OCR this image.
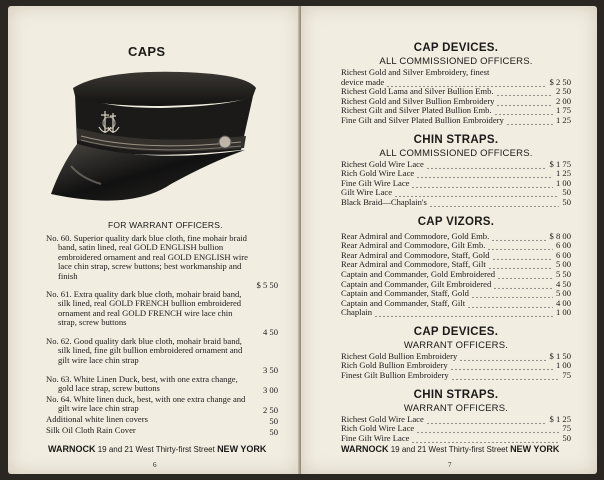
CAPS
FOR WARRANT OFFICERS.
No. 60. Superior quality dark blue cloth, fine mohair braid band, satin lined, real GOLD ENGLISH bullion embroidered ornament and real GOLD ENGLISH wire lace chin strap, screw buttons; best workmanship and finish
$ 5 50
No. 61. Extra quality dark blue cloth, mohair braid band, silk lined, real GOLD FRENCH bullion embroidered ornament and real GOLD FRENCH wire lace chin strap, screw buttons
4 50
No. 62. Good quality dark blue cloth, mohair braid band, silk lined, fine gilt bullion embroidered ornament and gilt wire lace chin strap
3 50
No. 63. White Linen Duck, best, with one extra change, gold lace strap, screw buttons	3 00
No. 64. White linen duck, best, with one extra change and gilt wire lace chin strap	2 50
Additional white linen covers	50
Silk Oil Cloth Rain Cover	50
WARNOCK 19 and 21 West Thirty-first Street NEW YORK
6
CAP DEVICES.
ALL COMMISSIONED OFFICERS.
Richest Gold and Silver Embroidery, finest
device made	$ 2 50
Richest Gold Lama and Silver Bullion Emb.	2 50
Richest Gold and Silver Bullion Embroidery	2 00
Richest Gilt and Silver Plated Bullion Emb.	1 75
Fine Gilt and Silver Plated Bullion Embroidery	1 25
CHIN STRAPS.
ALL COMMISSIONED OFFICERS.
Richest Gold Wire Lace	$ 1 75
Rich Gold Wire Lace	1 25
Fine Gilt Wire Lace	1 00
Gilt Wire Lace	50
Black Braid—Chaplain's	50
CAP VIZORS.
Rear Admiral and Commodore, Gold Emb.	$ 8 00
Rear Admiral and Commodore, Gilt Emb.	6 00
Rear Admiral and Commodore, Staff, Gold	6 00
Rear Admiral and Commodore, Staff, Gilt	5 00
Captain and Commander, Gold Embroidered	5 50
Captain and Commander, Gilt Embroidered	4 50
Captain and Commander, Staff, Gold	5 00
Captain and Commander, Staff, Gilt	4 00
Chaplain	1 00
CAP DEVICES.
WARRANT OFFICERS.
Richest Gold Bullion Embroidery	$ 1 50
Rich Gold Bullion Embroidery	1 00
Finest Gilt Bullion Embroidery	75
CHIN STRAPS.
WARRANT OFFICERS.
Richest Gold Wire Lace	$ 1 25
Rich Gold Wire Lace	75
Fine Gilt Wire Lace	50
WARNOCK 19 and 21 West Thirty-first Street NEW YORK
7
